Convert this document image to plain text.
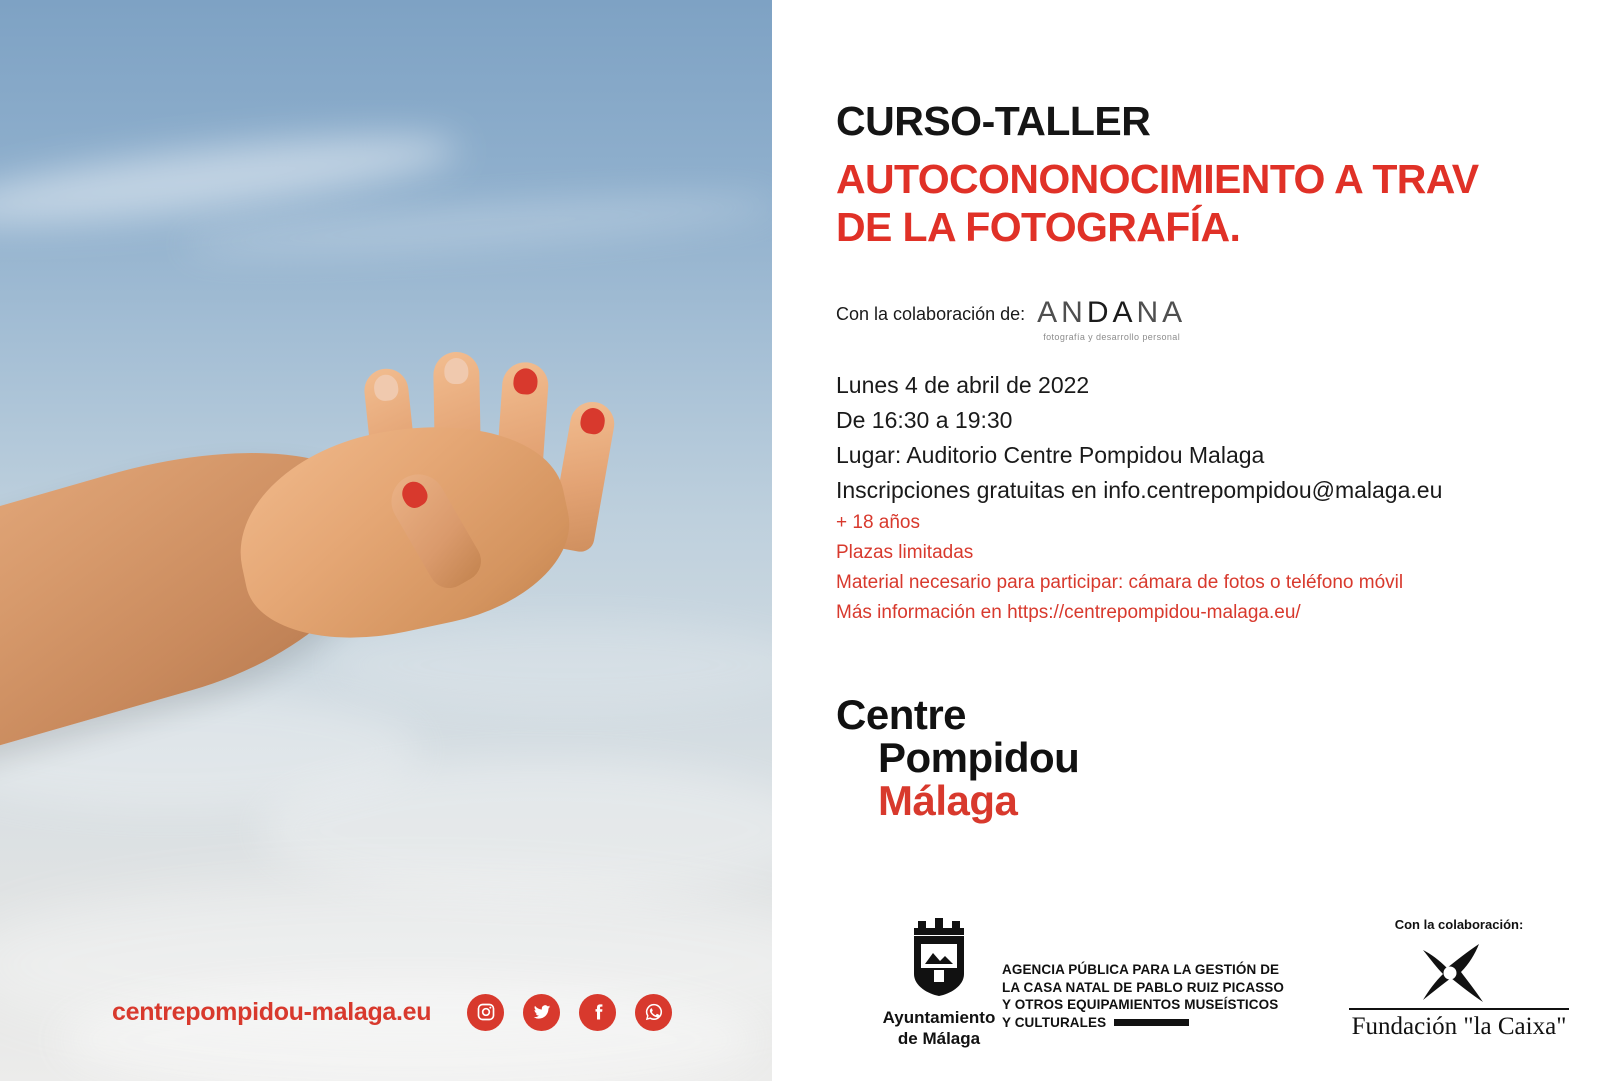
centrepompidou-malaga.eu
CURSO-TALLER
AUTOCONONOCIMIENTO A TRAV
DE LA FOTOGRAFÍA.
Con la colaboración de: ANDANA
fotografía y desarrollo personal
Lunes 4 de abril de 2022
De 16:30 a 19:30
Lugar: Auditorio Centre Pompidou Malaga
Inscripciones gratuitas en info.centrepompidou@malaga.eu
+ 18 años
Plazas limitadas
Material necesario para participar: cámara de fotos o teléfono móvil
Más información en https://centrepompidou-malaga.eu/
Centre
Pompidou
Málaga
Ayuntamiento
de Málaga
AGENCIA PÚBLICA PARA LA GESTIÓN DE
LA CASA NATAL DE PABLO RUIZ PICASSO
Y OTROS EQUIPAMIENTOS MUSEÍSTICOS
Y CULTURALES
Con la colaboración:
Fundación "la Caixa"
